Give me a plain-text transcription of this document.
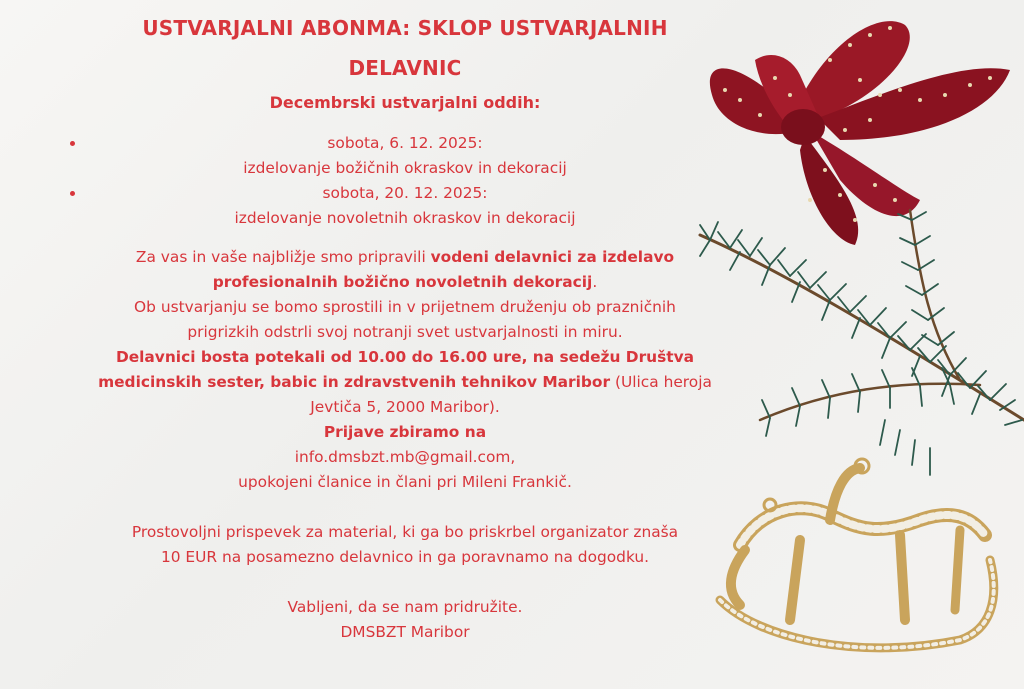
USTVARJALNI ABONMA: SKLOP USTVARJALNIH
DELAVNIC
Decembrski ustvarjalni oddih:
sobota, 6. 12. 2025:
izdelovanje božičnih okraskov in dekoracij
sobota, 20. 12. 2025:
izdelovanje novoletnih okraskov in dekoracij

Za vas in vaše najbližje smo pripravili vodeni delavnici za izdelavo
profesionalnih božično novoletnih dekoracij.
Ob ustvarjanju se bomo sprostili in v prijetnem druženju ob prazničnih
prigrizkih odstrli svoj notranji svet ustvarjalnosti in miru.
Delavnici bosta potekali od 10.00 do 16.00 ure, na sedežu Društva
medicinskih sester, babic in zdravstvenih tehnikov Maribor (Ulica heroja
Jevtiča 5, 2000 Maribor).
Prijave zbiramo na
info.dmsbzt.mb@gmail.com,
upokojeni članice in člani pri Mileni Frankič.

Prostovoljni prispevek za material, ki ga bo priskrbel organizator znaša
10 EUR na posamezno delavnico in ga poravnamo na dogodku.

Vabljeni, da se nam pridružite.
DMSBZT Maribor
